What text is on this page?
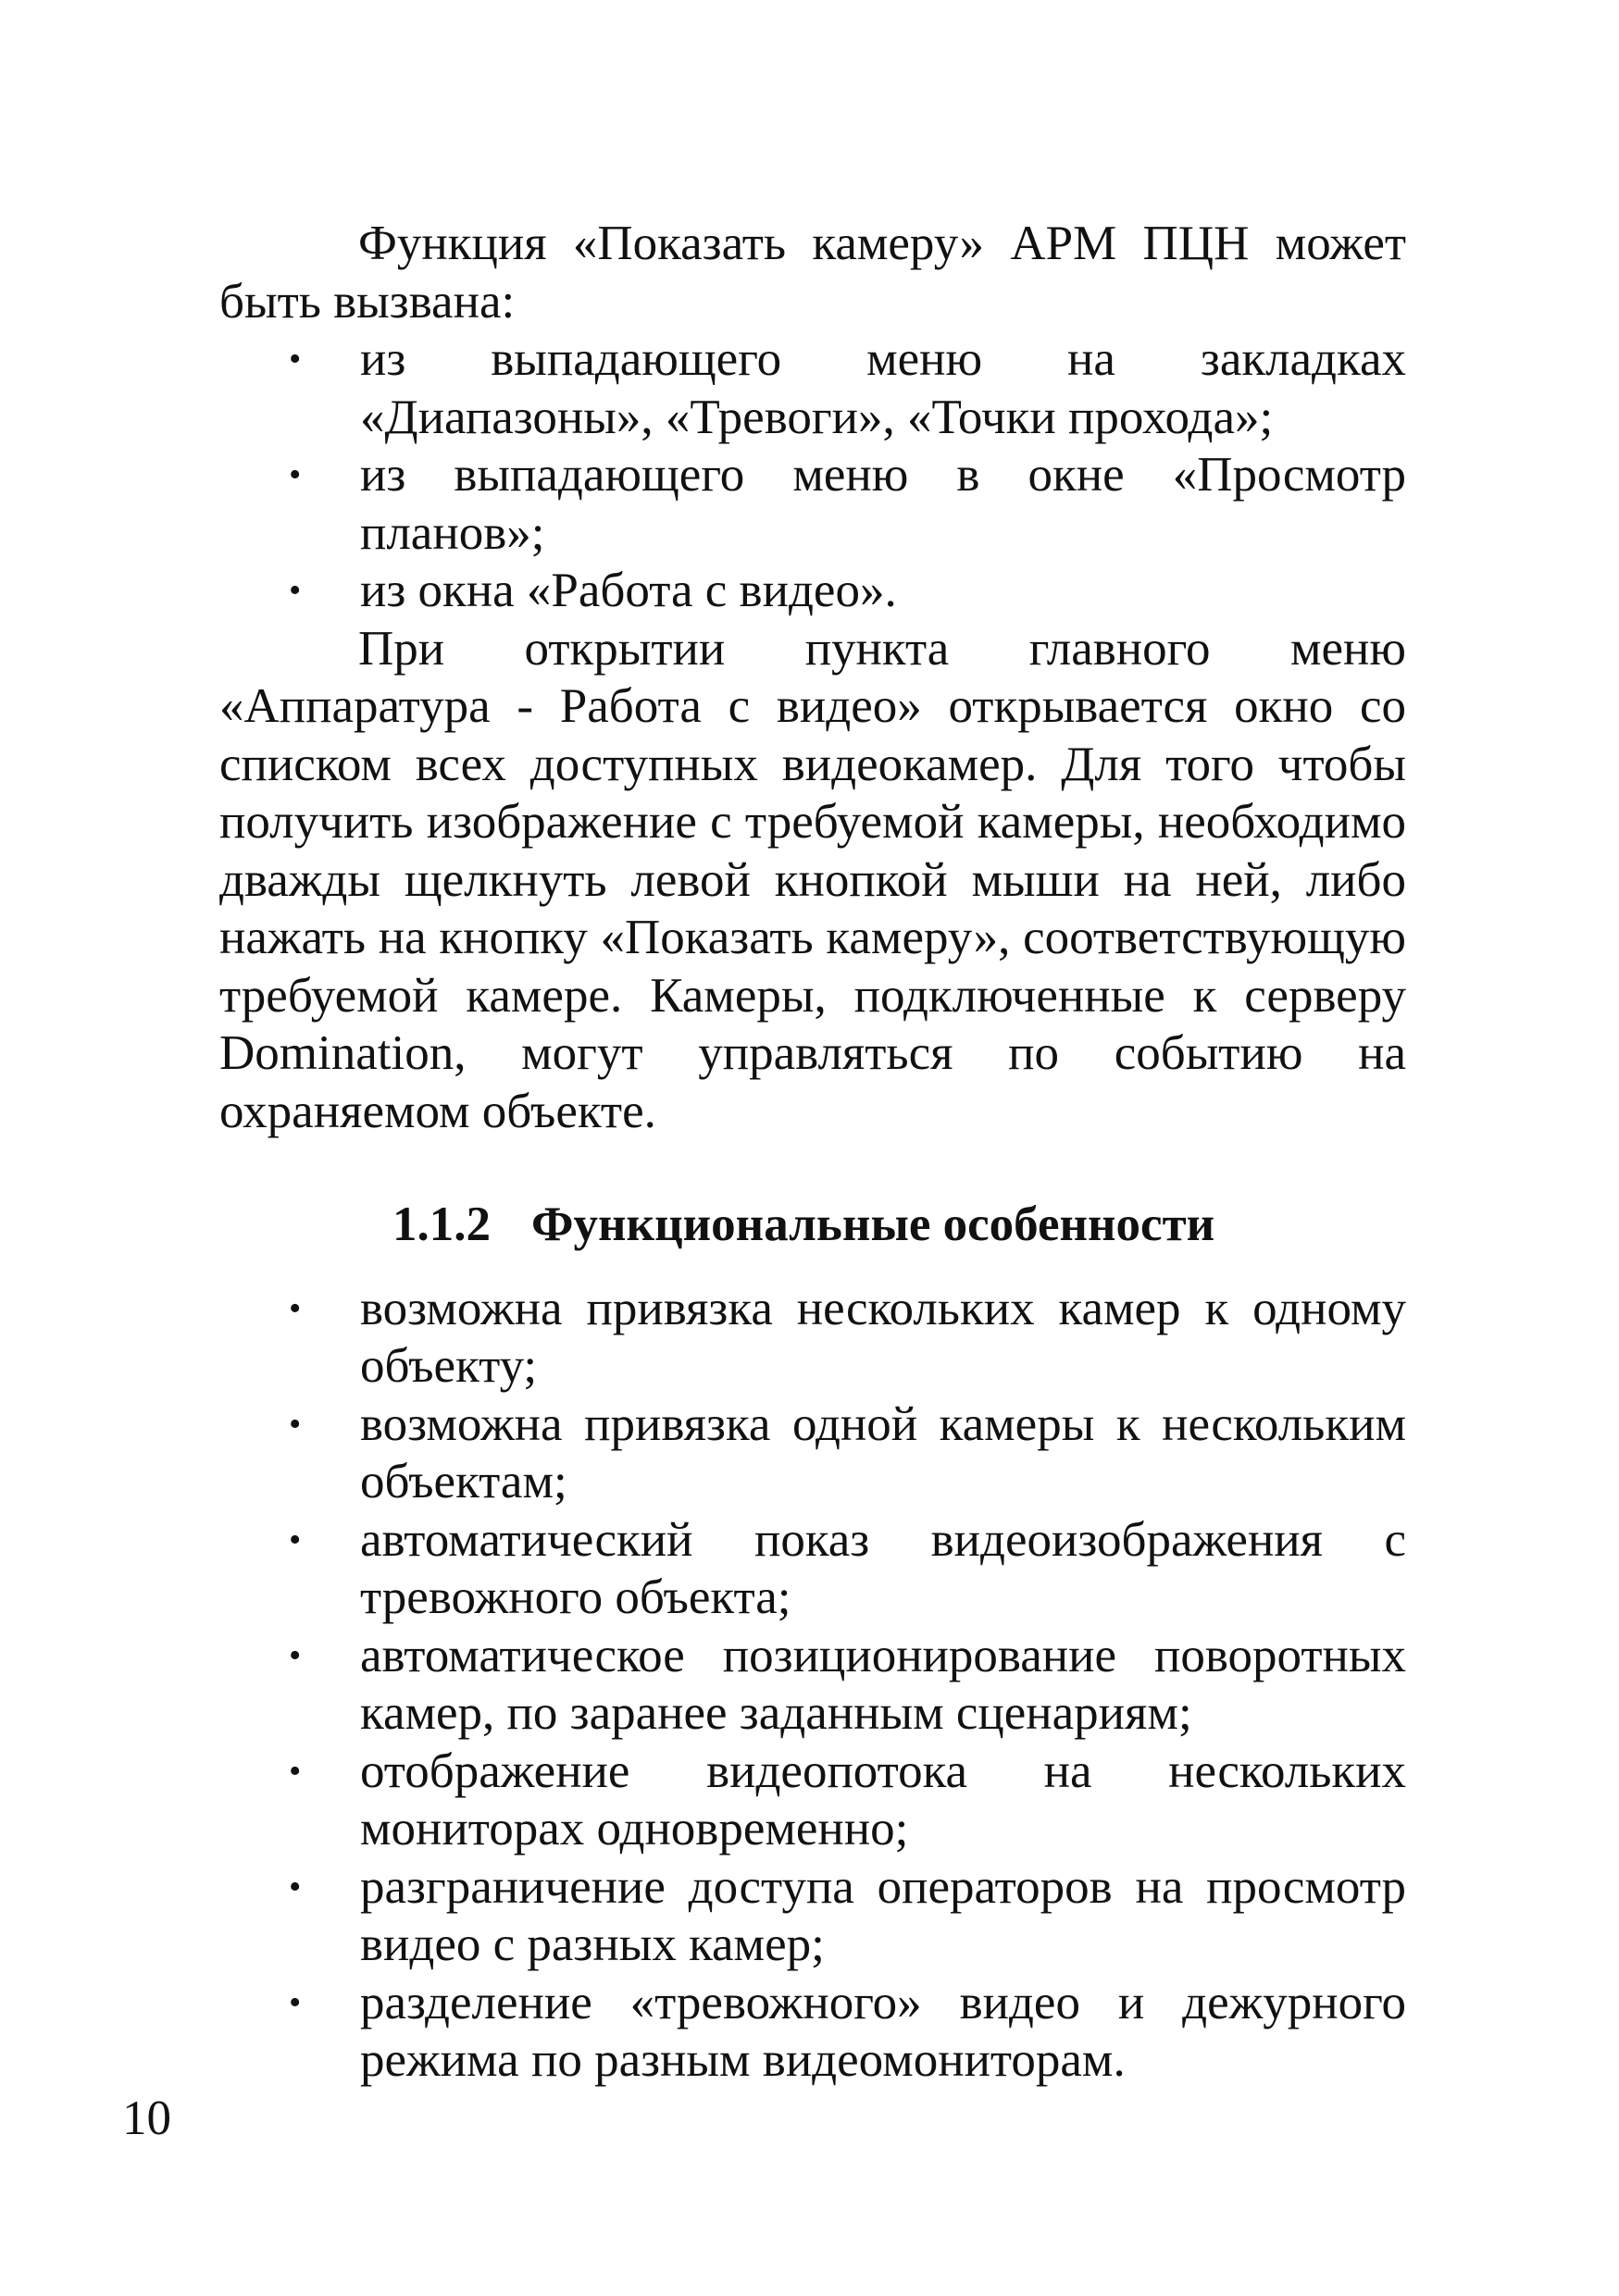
Функция «Показать камеру» АРМ ПЦН может быть вызвана:

• из выпадающего меню на закладках «Диапазоны», «Тревоги», «Точки прохода»;
• из выпадающего меню в окне «Просмотр планов»;
• из окна «Работа с видео».

При открытии пункта главного меню «Аппаратура - Работа с видео» открывается окно со списком всех доступных видеокамер. Для того чтобы получить изображение с требуемой камеры, необходимо дважды щелкнуть левой кнопкой мыши на ней, либо нажать на кнопку «Показать камеру», соответствующую требуемой камере. Камеры, подключенные к серверу Domination, могут управляться по событию на охраняемом объекте.

1.1.2 Функциональные особенности
• возможна привязка нескольких камер к одному объекту;
• возможна привязка одной камеры к нескольким объектам;
• автоматический показ видеоизображения с тревожного объекта;
• автоматическое позиционирование поворотных камер, по заранее заданным сценариям;
• отображение видеопотока на нескольких мониторах одновременно;
• разграничение доступа операторов на просмотр видео с разных камер;
• разделение «тревожного» видео и дежурного режима по разным видеомониторам.
10
